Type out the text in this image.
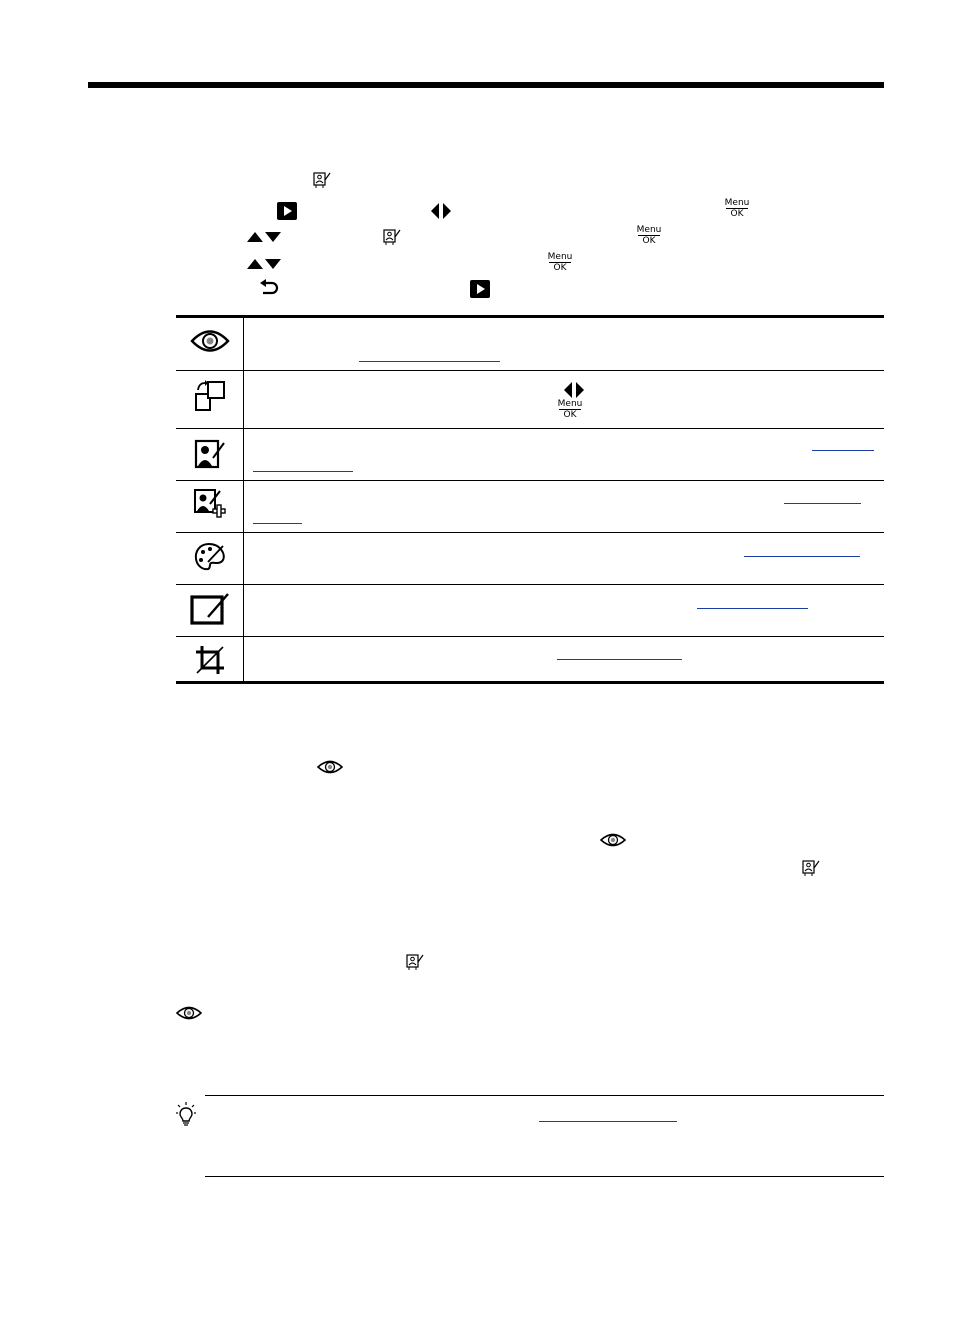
Menu
OK
Menu
OK
Menu
OK
Menu
OK
